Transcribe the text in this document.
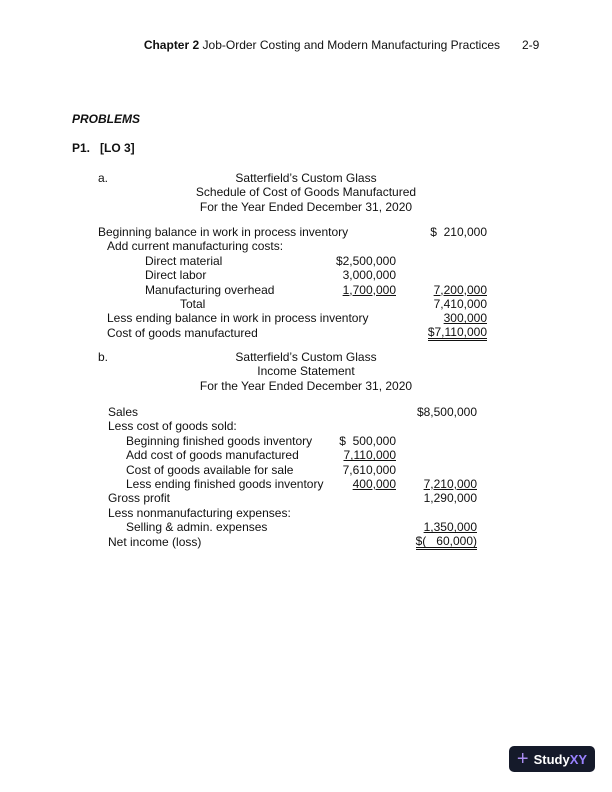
Chapter 2 Job-Order Costing and Modern Manufacturing Practices 2-9
PROBLEMS
P1.   [LO 3]
a.	Satterfield’s Custom Glass
Schedule of Cost of Goods Manufactured
For the Year Ended December 31, 2020
Beginning balance in work in process inventory	$  210,000
Add current manufacturing costs:
Direct material	$2,500,000
Direct labor	3,000,000
Manufacturing overhead	1,700,000	7,200,000
Total	7,410,000
Less ending balance in work in process inventory	300,000
Cost of goods manufactured	$7,110,000
b.	Satterfield’s Custom Glass
Income Statement
For the Year Ended December 31, 2020
Sales	$8,500,000
Less cost of goods sold:
Beginning finished goods inventory $  500,000
Add cost of goods manufactured	7,110,000
Cost of goods available for sale	7,610,000
Less ending finished goods inventory 400,000 7,210,000
Gross profit	1,290,000
Less nonmanufacturing expenses:
Selling & admin. expenses	1,350,000
Net income (loss)	$(   60,000)
+ StudyXY
